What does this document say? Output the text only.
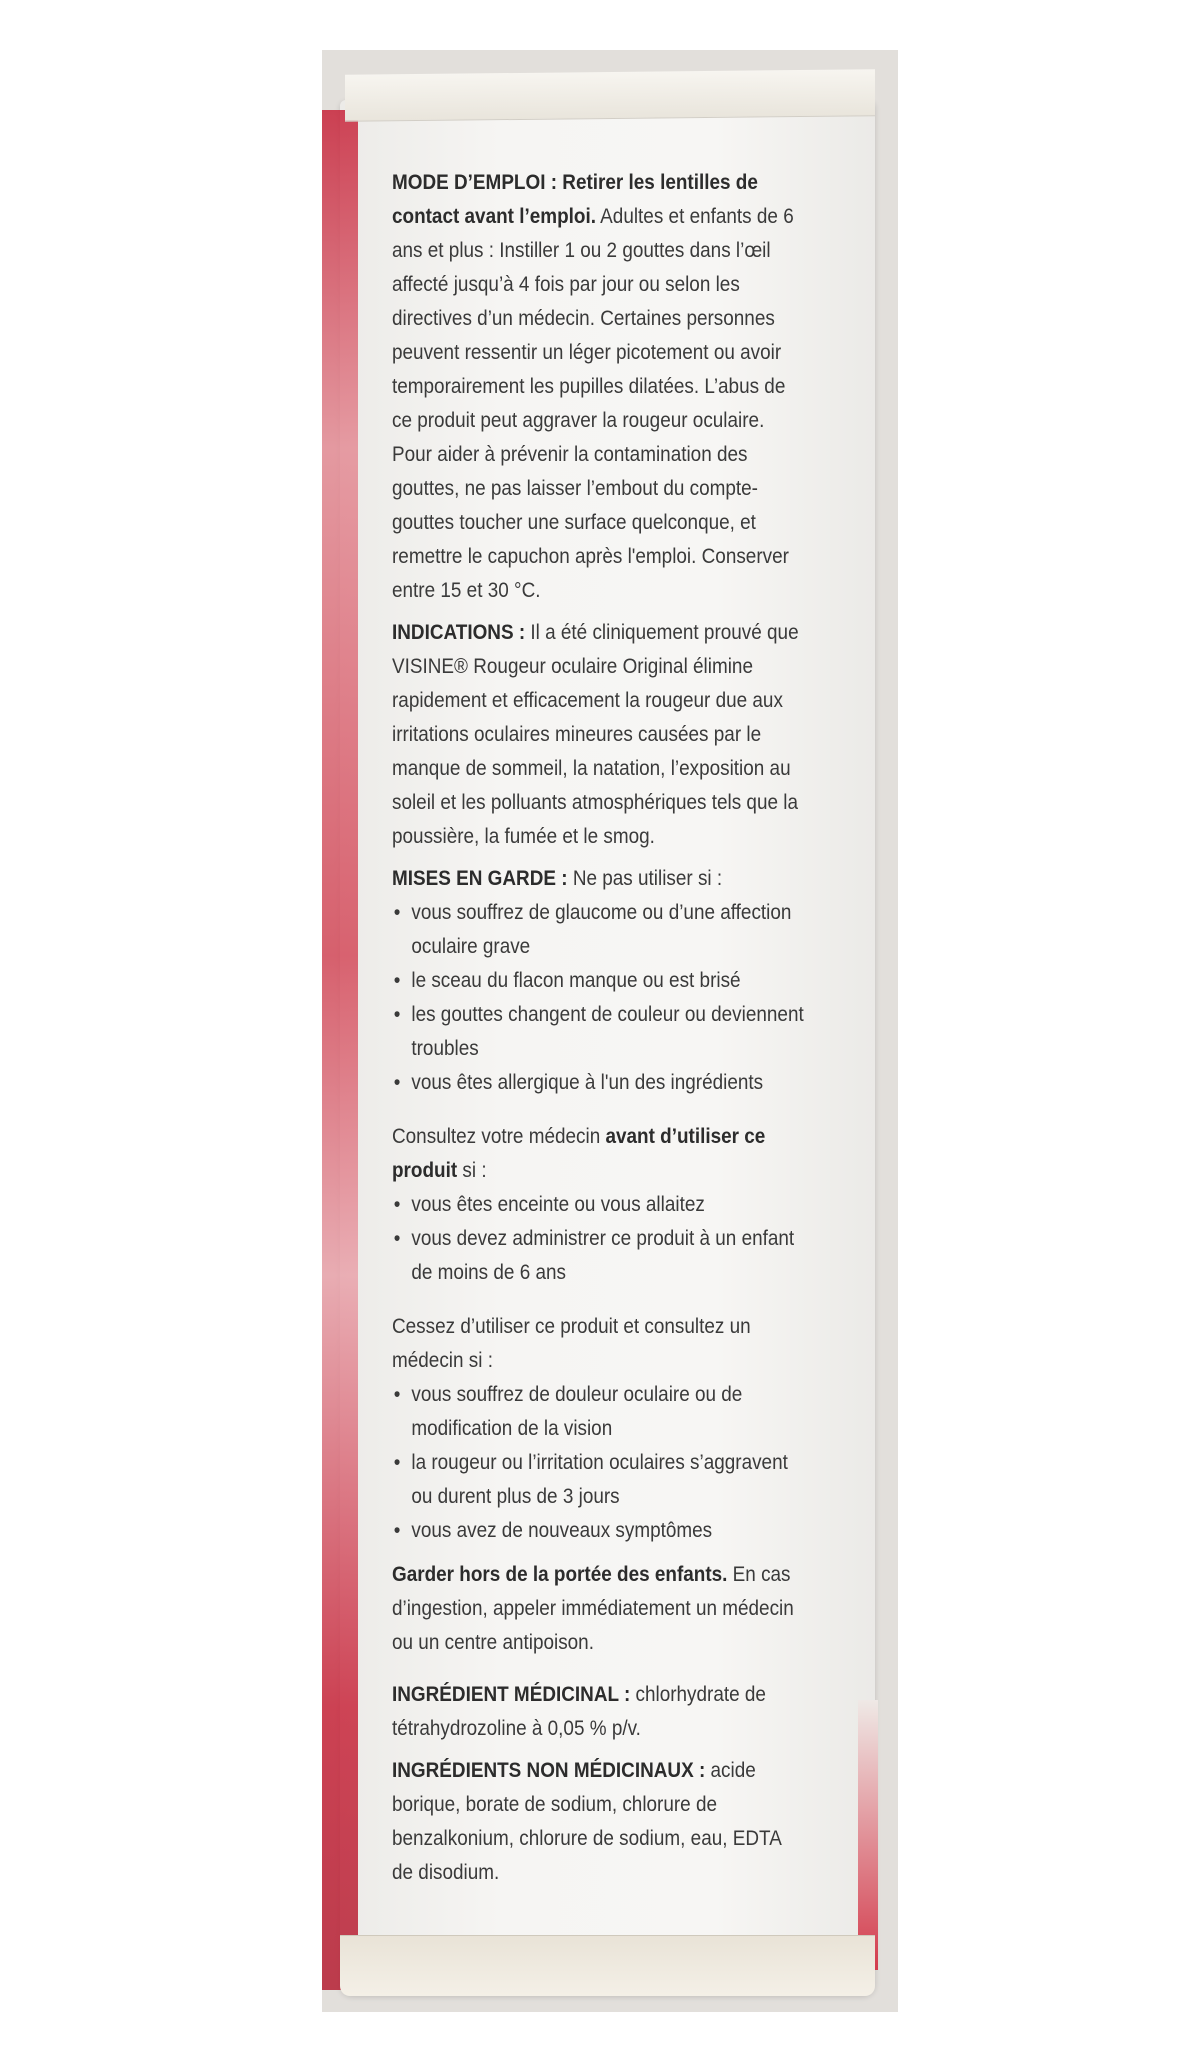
MODE D’EMPLOI : Retirer les lentilles de contact avant l’emploi. Adultes et enfants de 6 ans et plus : Instiller 1 ou 2 gouttes dans l’œil affecté jusqu’à 4 fois par jour ou selon les directives d’un médecin. Certaines personnes peuvent ressentir un léger picotement ou avoir temporairement les pupilles dilatées. L’abus de ce produit peut aggraver la rougeur oculaire. Pour aider à prévenir la contamination des gouttes, ne pas laisser l’embout du compte-gouttes toucher une surface quelconque, et remettre le capuchon après l'emploi. Conserver entre 15 et 30 °C.

INDICATIONS : Il a été cliniquement prouvé que VISINE® Rougeur oculaire Original élimine rapidement et efficacement la rougeur due aux irritations oculaires mineures causées par le manque de sommeil, la natation, l’exposition au soleil et les polluants atmosphériques tels que la poussière, la fumée et le smog.

MISES EN GARDE : Ne pas utiliser si :

• vous souffrez de glaucome ou d’une affection oculaire grave
• le sceau du flacon manque ou est brisé
• les gouttes changent de couleur ou deviennent troubles
• vous êtes allergique à l'un des ingrédients

Consultez votre médecin avant d’utiliser ce produit si :

• vous êtes enceinte ou vous allaitez
• vous devez administrer ce produit à un enfant de moins de 6 ans

Cessez d’utiliser ce produit et consultez un médecin si :

• vous souffrez de douleur oculaire ou de modification de la vision
• la rougeur ou l’irritation oculaires s’aggravent ou durent plus de 3 jours
• vous avez de nouveaux symptômes

Garder hors de la portée des enfants. En cas d’ingestion, appeler immédiatement un médecin ou un centre antipoison.

INGRÉDIENT MÉDICINAL : chlorhydrate de tétrahydrozoline à 0,05 % p/v.

INGRÉDIENTS NON MÉDICINAUX : acide borique, borate de sodium, chlorure de benzalkonium, chlorure de sodium, eau, EDTA de disodium.
